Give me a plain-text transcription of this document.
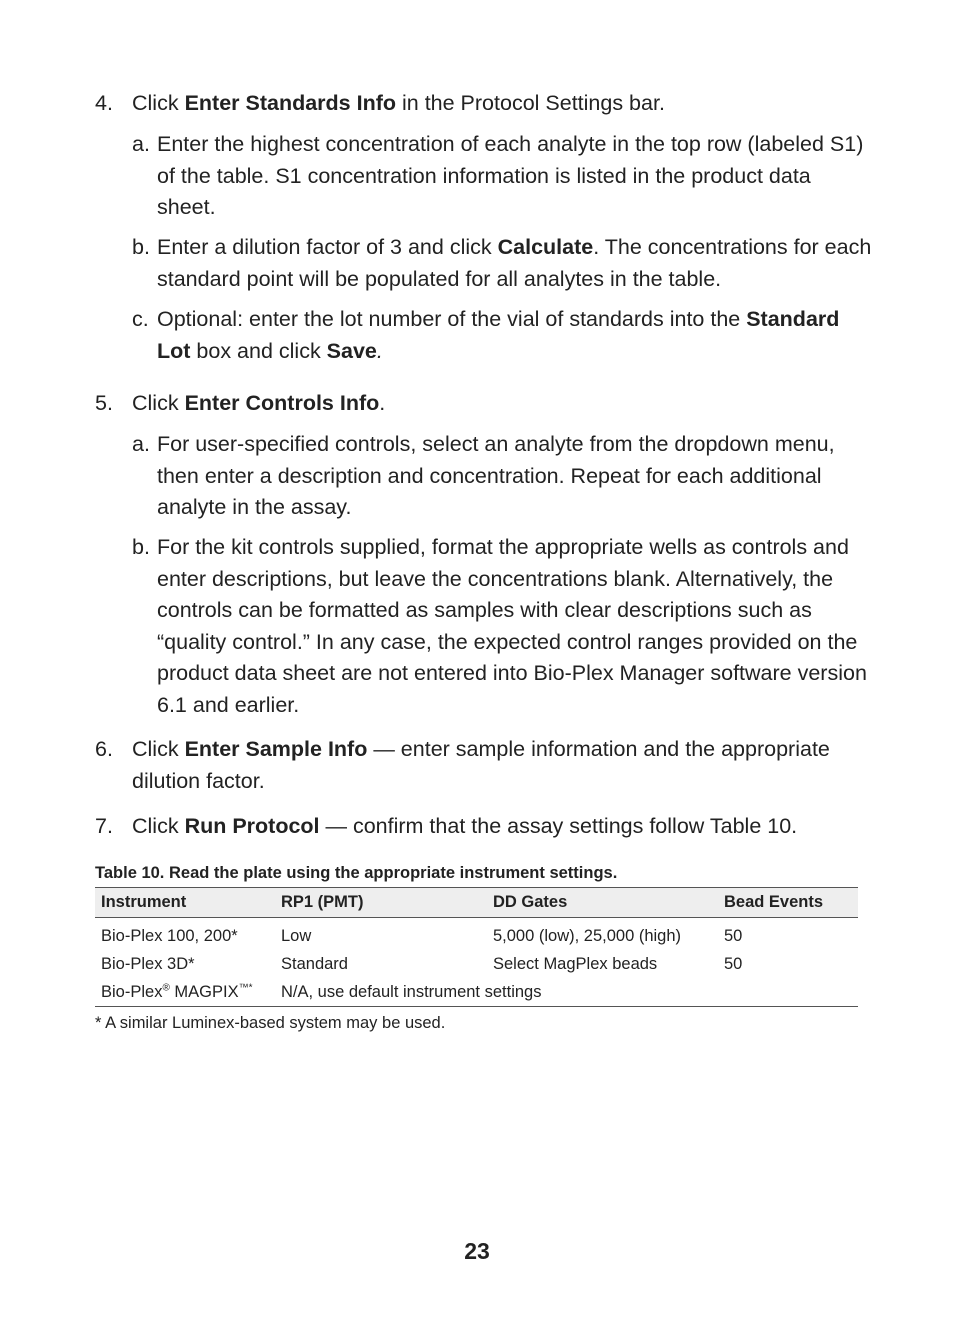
4. Click Enter Standards Info in the Protocol Settings bar.
a. Enter the highest concentration of each analyte in the top row (labeled S1) of the table. S1 concentration information is listed in the product data sheet.
b. Enter a dilution factor of 3 and click Calculate. The concentrations for each standard point will be populated for all analytes in the table.
c. Optional: enter the lot number of the vial of standards into the Standard Lot box and click Save.
5. Click Enter Controls Info.
a. For user-specified controls, select an analyte from the dropdown menu, then enter a description and concentration. Repeat for each additional analyte in the assay.
b. For the kit controls supplied, format the appropriate wells as controls and enter descriptions, but leave the concentrations blank. Alternatively, the controls can be formatted as samples with clear descriptions such as “quality control.” In any case, the expected control ranges provided on the product data sheet are not entered into Bio-Plex Manager software version 6.1 and earlier.
6. Click Enter Sample Info — enter sample information and the appropriate dilution factor.
7. Click Run Protocol — confirm that the assay settings follow Table 10.
Table 10. Read the plate using the appropriate instrument settings.
Instrument	RP1 (PMT)	DD Gates	Bead Events
Bio-Plex 100, 200*	Low	5,000 (low), 25,000 (high)	50
Bio-Plex 3D*	Standard	Select MagPlex beads	50
Bio-Plex® MAGPIX™*	N/A, use default instrument settings		
* A similar Luminex-based system may be used.
23
